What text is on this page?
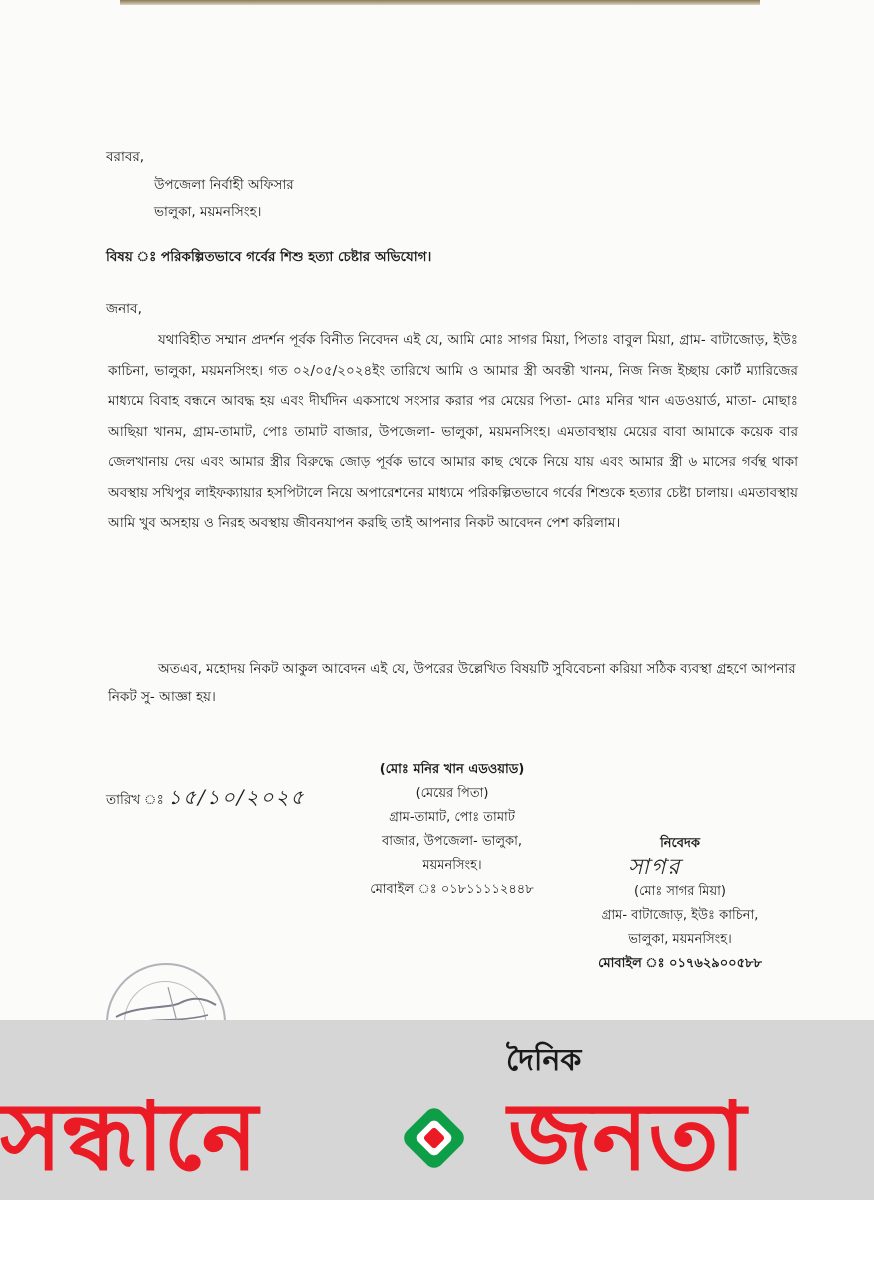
বরাবর,
উপজেলা নির্বাহী অফিসার
ভালুকা, ময়মনসিংহ।
বিষয় ঃ পরিকল্পিতভাবে গর্বের শিশু হত্যা চেষ্টার অভিযোগ।
জনাব,

যথাবিহীত সম্মান প্রদর্শন পূর্বক বিনীত নিবেদন এই যে, আমি মোঃ সাগর মিয়া, পিতাঃ বাবুল মিয়া, গ্রাম- বাটাজোড়, ইউঃ কাচিনা, ভালুকা, ময়মনসিংহ। গত ০২/০৫/২০২৪ইং তারিখে আমি ও আমার স্ত্রী অবন্তী খানম, নিজ নিজ ইচ্ছায় কোর্ট ম্যারিজের মাধ্যমে বিবাহ বন্ধনে আবদ্ধ হয় এবং দীর্ঘদিন একসাথে সংসার করার পর মেয়ের পিতা- মোঃ মনির খান এডওয়ার্ড, মাতা- মোছাঃ আছিয়া খানম, গ্রাম-তামাট, পোঃ তামাট বাজার, উপজেলা- ভালুকা, ময়মনসিংহ। এমতাবস্থায় মেয়ের বাবা আমাকে কয়েক বার জেলখানায় দেয় এবং আমার স্ত্রীর বিরুদ্ধে জোড় পূর্বক ভাবে আমার কাছ থেকে নিয়ে যায় এবং আমার স্ত্রী ৬ মাসের গর্বন্থ থাকা অবস্থায় সখিপুর লাইফক্যায়ার হসপিটালে নিয়ে অপারেশনের মাধ্যমে পরিকল্পিতভাবে গর্বের শিশুকে হত্যার চেষ্টা চালায়। এমতাবস্থায় আমি খুব অসহায় ও নিরহ অবস্থায় জীবনযাপন করছি তাই আপনার নিকট আবেদন পেশ করিলাম।

অতএব, মহোদয় নিকট আকুল আবেদন এই যে, উপরের উল্লেখিত বিষয়টি সুবিবেচনা করিয়া সঠিক ব্যবস্থা গ্রহণে আপনার নিকট সু- আজ্ঞা হয়।

তারিখ ঃ ১৫/১০/২০২৫
(মোঃ মনির খান এডওয়াড)
(মেয়ের পিতা)
গ্রাম-তামাট, পোঃ তামাট
বাজার, উপজেলা- ভালুকা,
ময়মনসিংহ।
মোবাইল ঃ ০১৮১১১১২৪৪৮
নিবেদক
সাগর
(মোঃ সাগর মিয়া)
গ্রাম- বাটাজোড়, ইউঃ কাচিনা,
ভালুকা, ময়মনসিংহ।
মোবাইল ঃ ০১৭৬২৯০০৫৮৮
দৈনিক
সন্ধানে	জনতা
